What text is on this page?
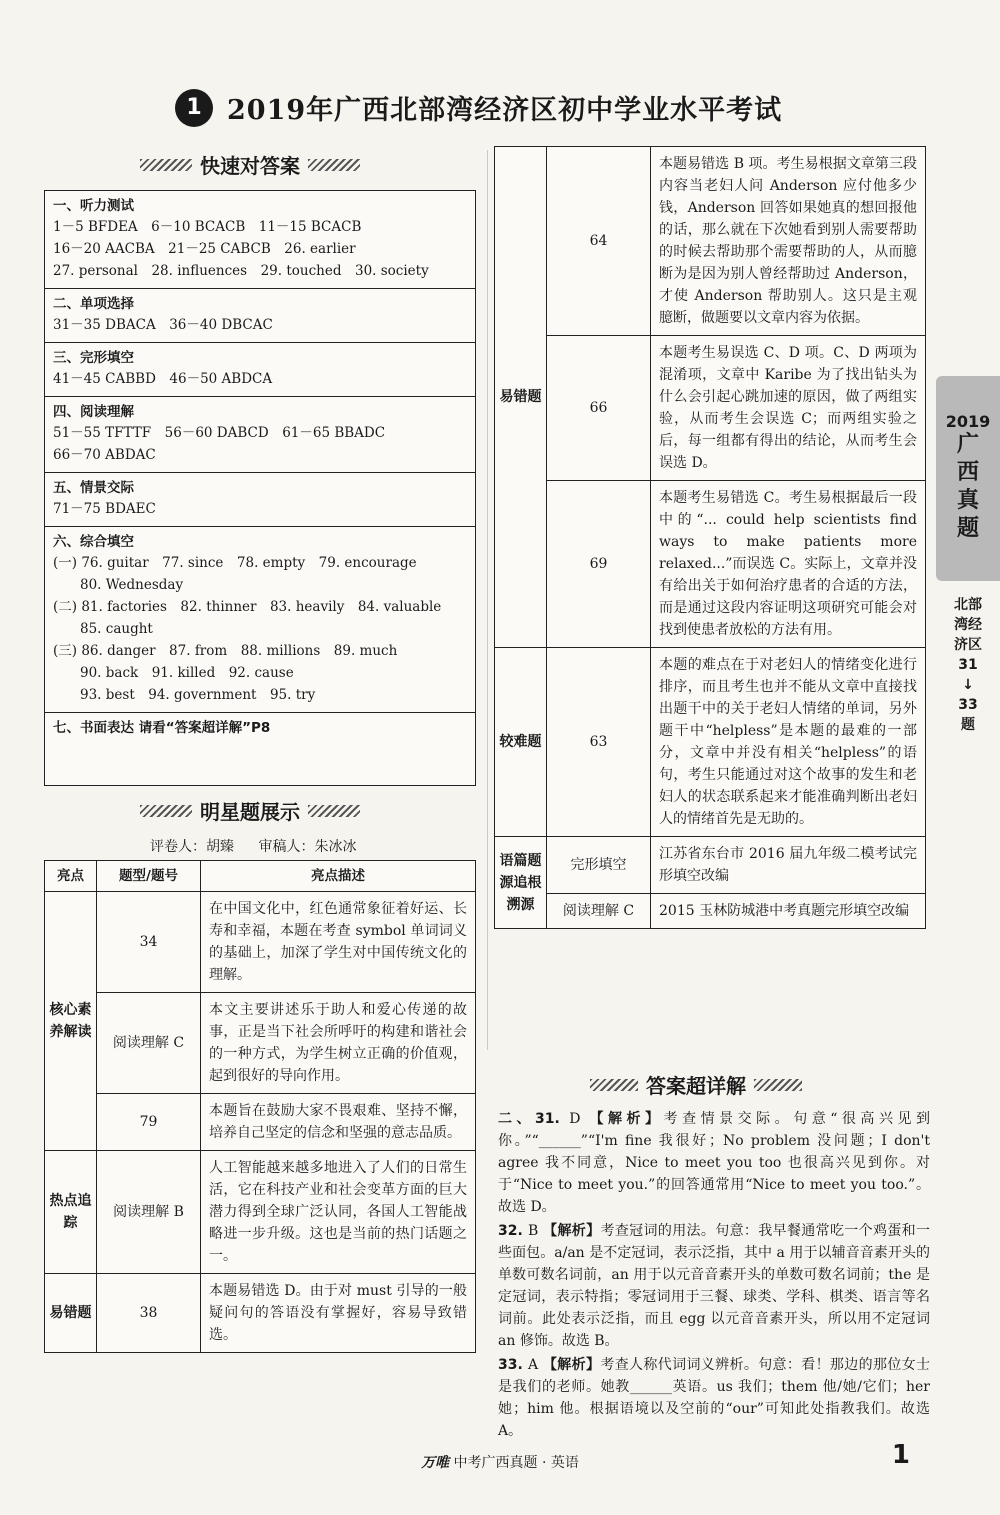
1 2019年广西北部湾经济区初中学业水平考试
快速对答案
一、听力测试
1－5 BFDEA　6－10 BCACB　11－15 BCACB
16－20 AACBA　21－25 CABCB　26. earlier
27. personal　28. influences　29. touched　30. society
二、单项选择
31－35 DBACA　36－40 DBCAC
三、完形填空
41－45 CABBD　46－50 ABDCA
四、阅读理解
51－55 TFTTF　56－60 DABCD　61－65 BBADC
66－70 ABDAC
五、情景交际
71－75 BDAEC
六、综合填空
(一) 76. guitar　77. since　78. empty　79. encourage
　　80. Wednesday
(二) 81. factories　82. thinner　83. heavily　84. valuable
　　85. caught
(三) 86. danger　87. from　88. millions　89. much
　　90. back　91. killed　92. cause
　　93. best　94. government　95. try
七、书面表达 请看“答案超详解”P8
明星题展示
评卷人：胡臻 审稿人：朱冰冰
亮点	题型/题号	亮点描述
核心素养解读	34	在中国文化中，红色通常象征着好运、长寿和幸福，本题在考查 symbol 单词词义的基础上，加深了学生对中国传统文化的理解。
	阅读理解 C	本文主要讲述乐于助人和爱心传递的故事，正是当下社会所呼吁的构建和谐社会的一种方式，为学生树立正确的价值观，起到很好的导向作用。
	79	本题旨在鼓励大家不畏艰难、坚持不懈，培养自己坚定的信念和坚强的意志品质。
热点追踪	阅读理解 B	人工智能越来越多地进入了人们的日常生活，它在科技产业和社会变革方面的巨大潜力得到全球广泛认同，各国人工智能战略进一步升级。这也是当前的热门话题之一。
易错题	38	本题易错选 D。由于对 must 引导的一般疑问句的答语没有掌握好，容易导致错选。
易错题	64	本题易错选 B 项。考生易根据文章第三段内容当老妇人问 Anderson 应付他多少钱，Anderson 回答如果她真的想回报他的话，那么就在下次她看到别人需要帮助的时候去帮助那个需要帮助的人，从而臆断为是因为别人曾经帮助过 Anderson，才使 Anderson 帮助别人。这只是主观臆断，做题要以文章内容为依据。
	66	本题考生易误选 C、D 项。C、D 两项为混淆项，文章中 Karibe 为了找出钻头为什么会引起心跳加速的原因，做了两组实验，从而考生会误选 C；而两组实验之后，每一组都有得出的结论，从而考生会误选 D。
	69	本题考生易错选 C。考生易根据最后一段中的“... could help scientists find ways to make patients more relaxed...”而误选 C。实际上，文章并没有给出关于如何治疗患者的合适的方法，而是通过这段内容证明这项研究可能会对找到使患者放松的方法有用。
较难题	63	本题的难点在于对老妇人的情绪变化进行排序，而且考生也并不能从文章中直接找出题干中的关于老妇人情绪的单词，另外题干中“helpless”是本题的最难的一部分，文章中并没有相关“helpless”的语句，考生只能通过对这个故事的发生和老妇人的状态联系起来才能准确判断出老妇人的情绪首先是无助的。
语篇题源追根溯源	完形填空	江苏省东台市 2016 届九年级二模考试完形填空改编
	阅读理解 C	2015 玉林防城港中考真题完形填空改编
2019
广
西
真
题
北部
湾经
济区
31
↓
33
题
答案超详解
二、31. D 【解析】考查情景交际。句意“很高兴见到你。”“______”“I'm fine 我很好；No problem 没问题；I don't agree 我不同意，Nice to meet you too 也很高兴见到你。对于“Nice to meet you.”的回答通常用“Nice to meet you too.”。故选 D。
32. B 【解析】考查冠词的用法。句意：我早餐通常吃一个鸡蛋和一些面包。a/an 是不定冠词，表示泛指，其中 a 用于以辅音音素开头的单数可数名词前，an 用于以元音音素开头的单数可数名词前；the 是定冠词，表示特指；零冠词用于三餐、球类、学科、棋类、语言等名词前。此处表示泛指，而且 egg 以元音音素开头，所以用不定冠词 an 修饰。故选 B。
33. A 【解析】考查人称代词词义辨析。句意：看！那边的那位女士是我们的老师。她教______英语。us 我们；them 他/她/它们；her 她；him 他。根据语境以及空前的“our”可知此处指教我们。故选 A。
万唯 中考广西真题 · 英语	1
